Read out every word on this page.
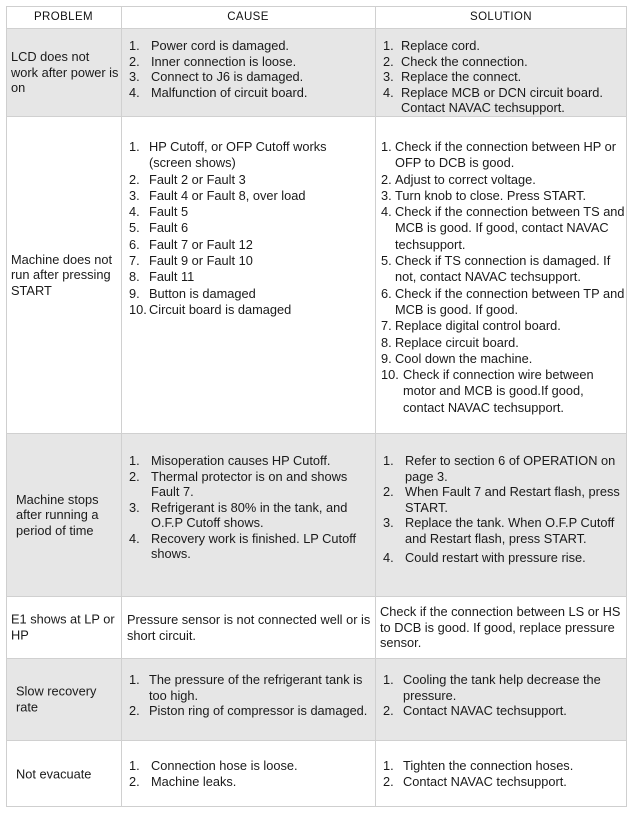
PROBLEM	CAUSE	SOLUTION
LCD does not work after power is on
1. Power cord is damaged.
2. Inner connection is loose.
3. Connect to J6 is damaged.
4. Malfunction of circuit board.
1. Replace cord.
2. Check the connection.
3. Replace the connect.
4. Replace MCB or DCN circuit board. Contact NAVAC techsupport.
Machine does not run after pressing START
1. HP Cutoff, or OFP Cutoff works (screen shows)
2. Fault 2 or Fault 3
3. Fault 4 or Fault 8, over load
4. Fault 5
5. Fault 6
6. Fault 7 or Fault 12
7. Fault 9 or Fault 10
8. Fault 11
9. Button is damaged
10. Circuit board is damaged
1. Check if the connection between HP or OFP to DCB is good.
2. Adjust to correct voltage.
3. Turn knob to close. Press START.
4. Check if the connection between TS and MCB is good. If good, contact NAVAC techsupport.
5. Check if TS connection is damaged. If not, contact NAVAC techsupport.
6. Check if the connection between TP and MCB is good. If good.
7. Replace digital control board.
8. Replace circuit board.
9. Cool down the machine.
10. Check if connection wire between motor and MCB is good.If good, contact NAVAC techsupport.
Machine stops after running a period of time
1. Misoperation causes HP Cutoff.
2. Thermal protector is on and shows Fault 7.
3. Refrigerant is 80% in the tank, and O.F.P Cutoff shows.
4. Recovery work is finished. LP Cutoff shows.
1. Refer to section 6 of OPERATION on page 3.
2. When Fault 7 and Restart flash, press START.
3. Replace the tank. When O.F.P Cutoff and Restart flash, press START.
4. Could restart with pressure rise.
E1 shows at LP or HP
Pressure sensor is not connected well or is short circuit.
Check if the connection between LS or HS to DCB is good. If good, replace pressure sensor.
Slow recovery rate
1. The pressure of the refrigerant tank is too high.
2. Piston ring of compressor is damaged.
1. Cooling the tank help decrease the pressure.
2. Contact NAVAC techsupport.
Not evacuate
1. Connection hose is loose.
2. Machine leaks.
1. Tighten the connection hoses.
2. Contact NAVAC techsupport.
